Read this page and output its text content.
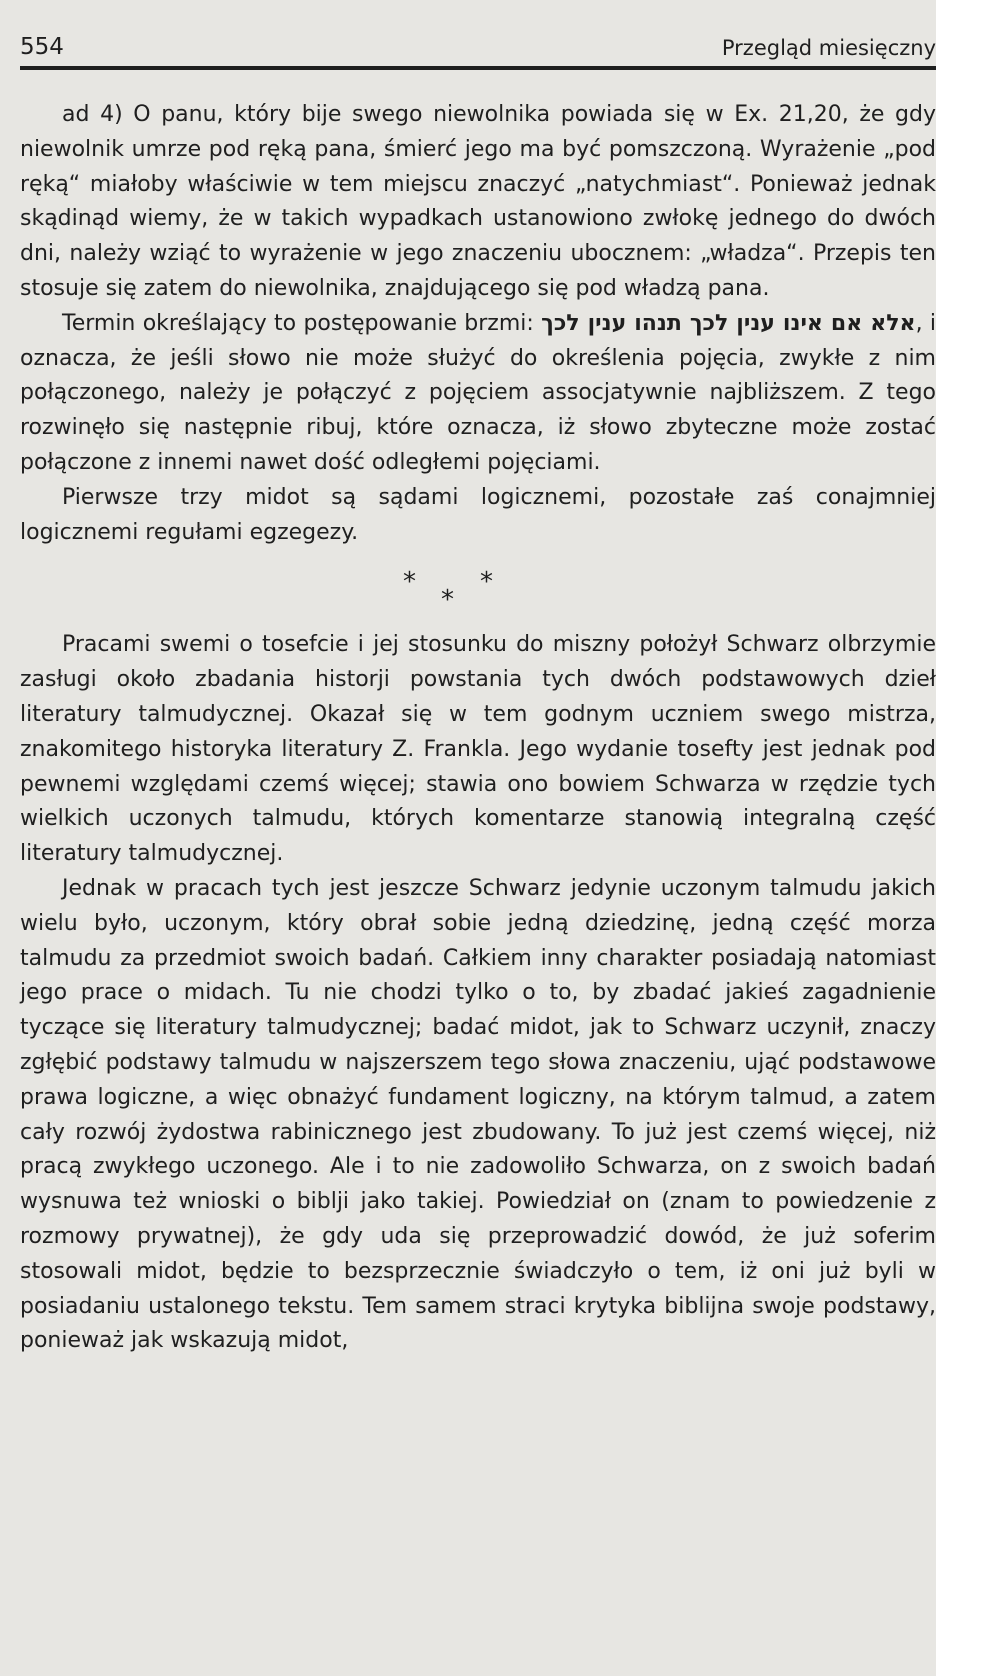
554	Przegląd miesięczny

ad 4) O panu, który bije swego niewolnika powiada się w Ex. 21,20, że gdy niewolnik umrze pod ręką pana, śmierć jego ma być pomszczoną. Wyrażenie „pod ręką“ miałoby właściwie w tem miejscu znaczyć „natychmiast“. Ponieważ jednak skądinąd wiemy, że w takich wypadkach ustanowiono zwłokę jednego do dwóch dni, należy wziąć to wyrażenie w jego znaczeniu ubocznem: „władza“. Przepis ten stosuje się zatem do niewolnika, znajdującego się pod władzą pana.

Termin określający to postępowanie brzmi: אלא אם אינו ענין לכך תנהו ענין לכך, i oznacza, że jeśli słowo nie może służyć do określenia pojęcia, zwykłe z nim połączonego, należy je połączyć z pojęciem assocjatywnie najbliższem. Z tego rozwinęło się następnie ribuj, które oznacza, iż słowo zbyteczne może zostać połączone z innemi nawet dość odległemi pojęciami.

Pierwsze trzy midot są sądami logicznemi, pozostałe zaś conajmniej logicznemi regułami egzegezy.

*
*
*

Pracami swemi o tosefcie i jej stosunku do miszny położył Schwarz olbrzymie zasługi około zbadania historji powstania tych dwóch podstawowych dzieł literatury talmudycznej. Okazał się w tem godnym uczniem swego mistrza, znakomitego historyka literatury Z. Frankla. Jego wydanie tosefty jest jednak pod pewnemi względami czemś więcej; stawia ono bowiem Schwarza w rzędzie tych wielkich uczonych talmudu, których komentarze stanowią integralną część literatury talmudycznej.

Jednak w pracach tych jest jeszcze Schwarz jedynie uczonym talmudu jakich wielu było, uczonym, który obrał sobie jedną dziedzinę, jedną część morza talmudu za przedmiot swoich badań. Całkiem inny charakter posiadają natomiast jego prace o midach. Tu nie chodzi tylko o to, by zbadać jakieś zagadnienie tyczące się literatury talmudycznej; badać midot, jak to Schwarz uczynił, znaczy zgłębić podstawy talmudu w najszerszem tego słowa znaczeniu, ująć podstawowe prawa logiczne, a więc obnażyć fundament logiczny, na którym talmud, a zatem cały rozwój żydostwa rabinicznego jest zbudowany. To już jest czemś więcej, niż pracą zwykłego uczonego. Ale i to nie zadowoliło Schwarza, on z swoich badań wysnuwa też wnioski o biblji jako takiej. Powiedział on (znam to powiedzenie z rozmowy prywatnej), że gdy uda się przeprowadzić dowód, że już soferim stosowali midot, będzie to bezsprzecznie świadczyło o tem, iż oni już byli w posiadaniu ustalonego tekstu. Tem samem straci krytyka biblijna swoje podstawy, ponieważ jak wskazują midot,
